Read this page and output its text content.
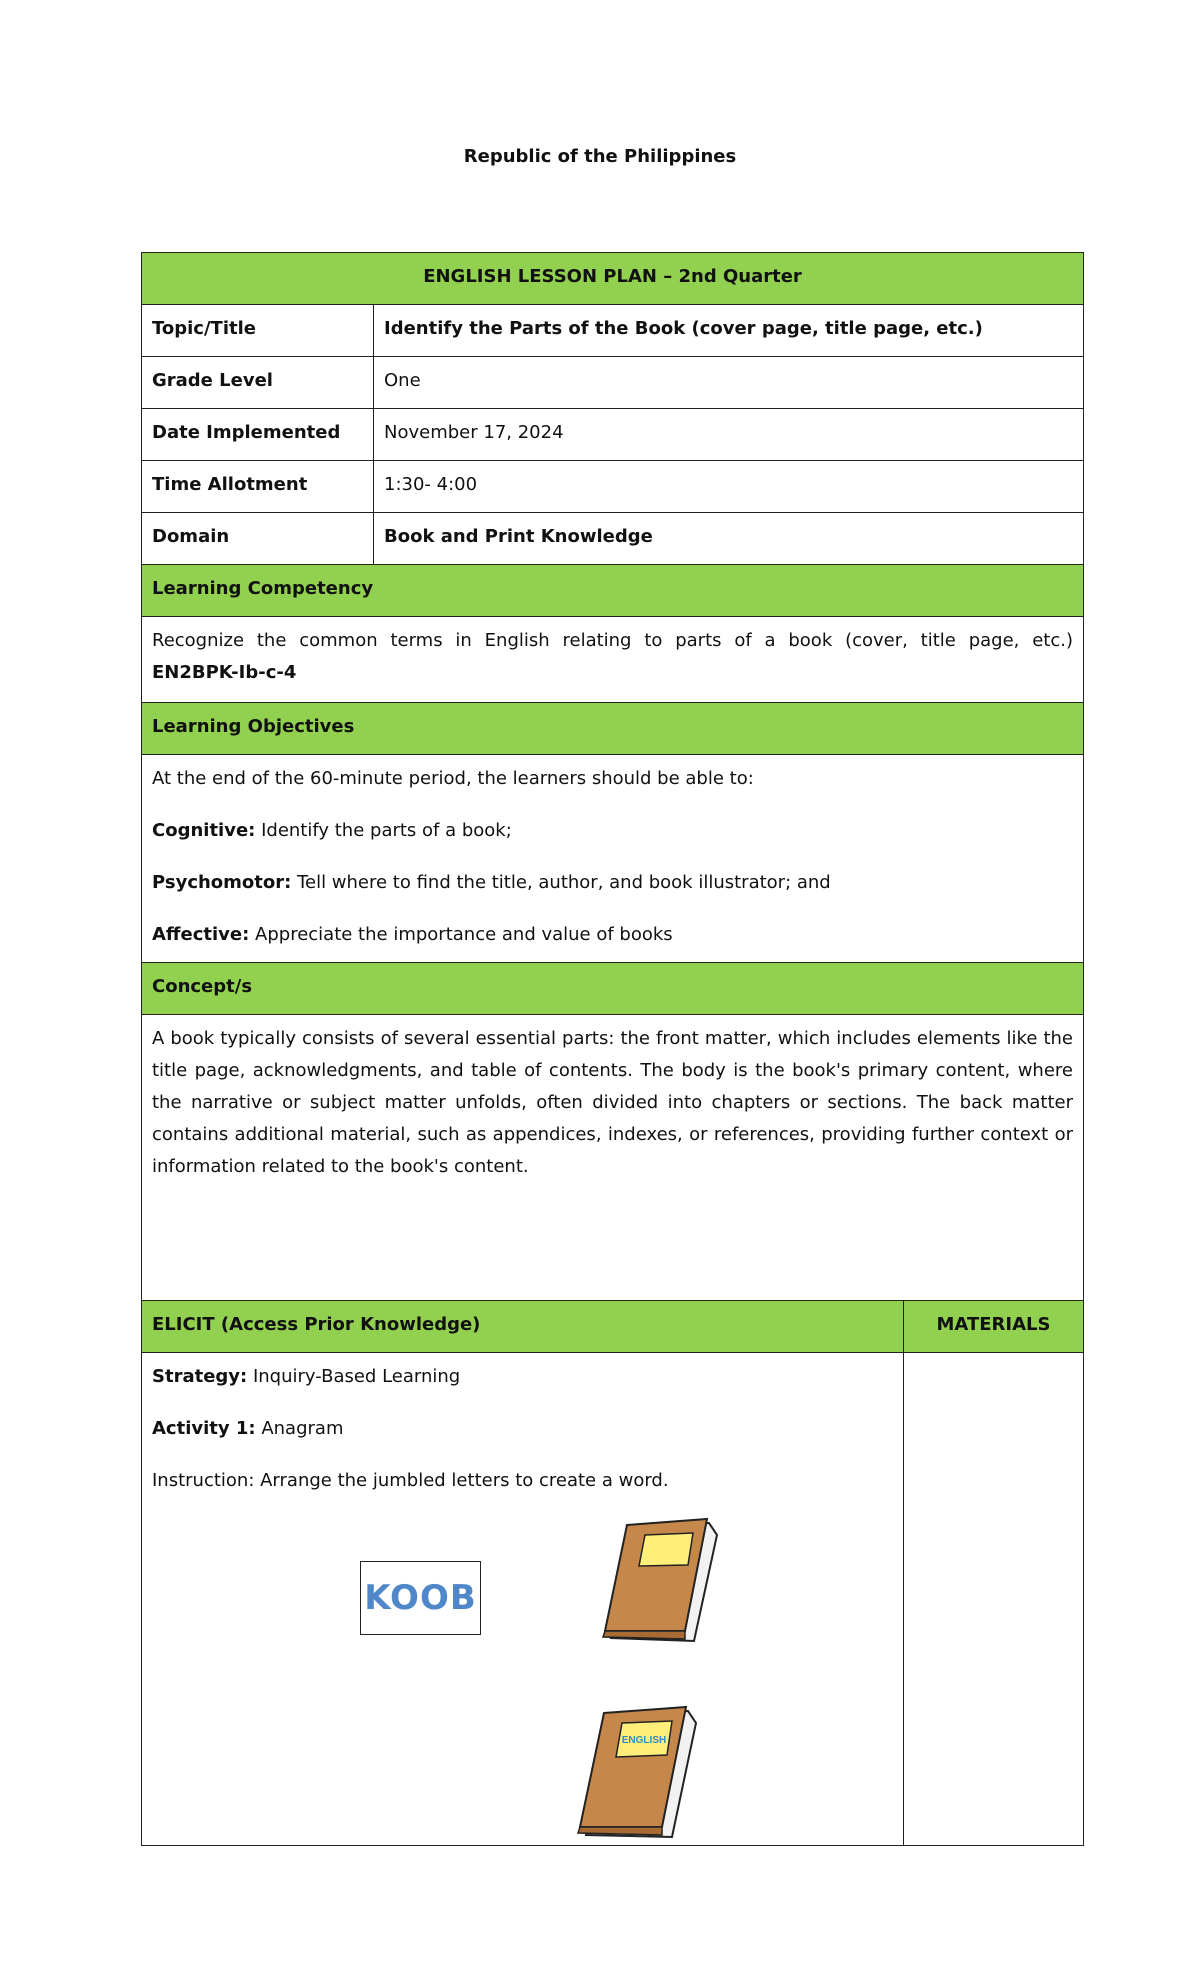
Republic of the Philippines
ENGLISH LESSON PLAN – 2nd Quarter
Topic/Title	Identify the Parts of the Book (cover page, title page, etc.)
Grade Level	One
Date Implemented	November 17, 2024
Time Allotment	1:30- 4:00
Domain	Book and Print Knowledge
Learning Competency
Recognize the common terms in English relating to parts of a book (cover, title page, etc.)
EN2BPK-Ib-c-4
Learning Objectives

At the end of the 60-minute period, the learners should be able to:

Cognitive: Identify the parts of a book;

Psychomotor: Tell where to find the title, author, and book illustrator; and

Affective: Appreciate the importance and value of books

Concept/s
A book typically consists of several essential parts: the front matter, which includes elements like the title page, acknowledgments, and table of contents. The body is the book's primary content, where the narrative or subject matter unfolds, often divided into chapters or sections. The back matter contains additional material, such as appendices, indexes, or references, providing further context or information related to the book's content.
ELICIT (Access Prior Knowledge)	MATERIALS

Strategy: Inquiry-Based Learning

Activity 1: Anagram

Instruction: Arrange the jumbled letters to create a word.

KOOB
ENGLISH
